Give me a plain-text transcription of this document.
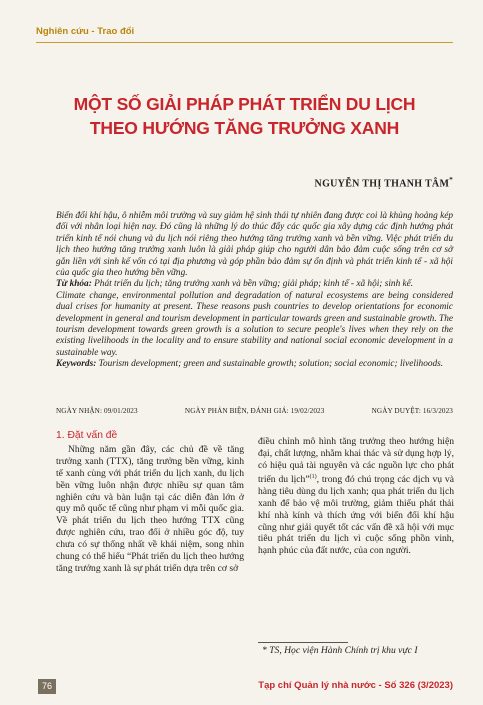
Nghiên cứu - Trao đổi
MỘT SỐ GIẢI PHÁP PHÁT TRIỂN DU LỊCH
THEO HƯỚNG TĂNG TRƯỞNG XANH
NGUYỄN THỊ THANH TÂM*

Biến đổi khí hậu, ô nhiễm môi trường và suy giảm hệ sinh thái tự nhiên đang được coi là khủng hoảng kép đối với nhân loại hiện nay. Đó cũng là những lý do thúc đẩy các quốc gia xây dựng các định hướng phát triển kinh tế nói chung và du lịch nói riêng theo hướng tăng trưởng xanh và bền vững. Việc phát triển du lịch theo hướng tăng trưởng xanh luôn là giải pháp giúp cho người dân bảo đảm cuộc sống trên cơ sở gắn liền với sinh kế vốn có tại địa phương và góp phần bảo đảm sự ổn định và phát triển kinh tế - xã hội của quốc gia theo hướng bền vững.

Từ khóa: Phát triển du lịch; tăng trưởng xanh và bền vững; giải pháp; kinh tế - xã hội; sinh kế.

Climate change, environmental pollution and degradation of natural ecosystems are being considered dual crises for humanity at present. These reasons push countries to develop orientations for economic development in general and tourism development in particular towards green and sustainable growth. The tourism development towards green growth is a solution to secure people's lives when they rely on the existing livelihoods in the locality and to ensure stability and national social economic development in a sustainable way.

Keywords: Tourism development; green and sustainable growth; solution; social economic; livelihoods.

NGÀY NHẬN: 09/01/2023	NGÀY PHẢN BIỆN, ĐÁNH GIÁ: 19/02/2023	NGÀY DUYỆT: 16/3/2023
1. Đặt vấn đề

Những năm gần đây, các chủ đề về tăng trưởng xanh (TTX), tăng trưởng bền vững, kinh tế xanh cùng với phát triển du lịch xanh, du lịch bền vững luôn nhận được nhiều sự quan tâm nghiên cứu và bàn luận tại các diễn đàn lớn ở quy mô quốc tế cũng như phạm vi mỗi quốc gia. Về phát triển du lịch theo hướng TTX cũng được nghiên cứu, trao đổi ở nhiều góc độ, tuy chưa có sự thống nhất về khái niệm, song nhìn chung có thể hiểu “Phát triển du lịch theo hướng tăng trưởng xanh là sự phát triển dựa trên cơ sở

điều chỉnh mô hình tăng trưởng theo hướng hiện đại, chất lượng, nhằm khai thác và sử dụng hợp lý, có hiệu quả tài nguyên và các nguồn lực cho phát triển du lịch”$^{(1)}$, trong đó chú trọng các dịch vụ và hàng tiêu dùng du lịch xanh; qua phát triển du lịch xanh để bảo vệ môi trường, giảm thiểu phát thải khí nhà kính và thích ứng với biến đổi khí hậu cũng như giải quyết tốt các vấn đề xã hội với mục tiêu phát triển du lịch vì cuộc sống phồn vinh, hạnh phúc của đất nước, của con người.

* TS, Học viện Hành Chính trị khu vực I
76	Tạp chí Quản lý nhà nước - Số 326 (3/2023)
